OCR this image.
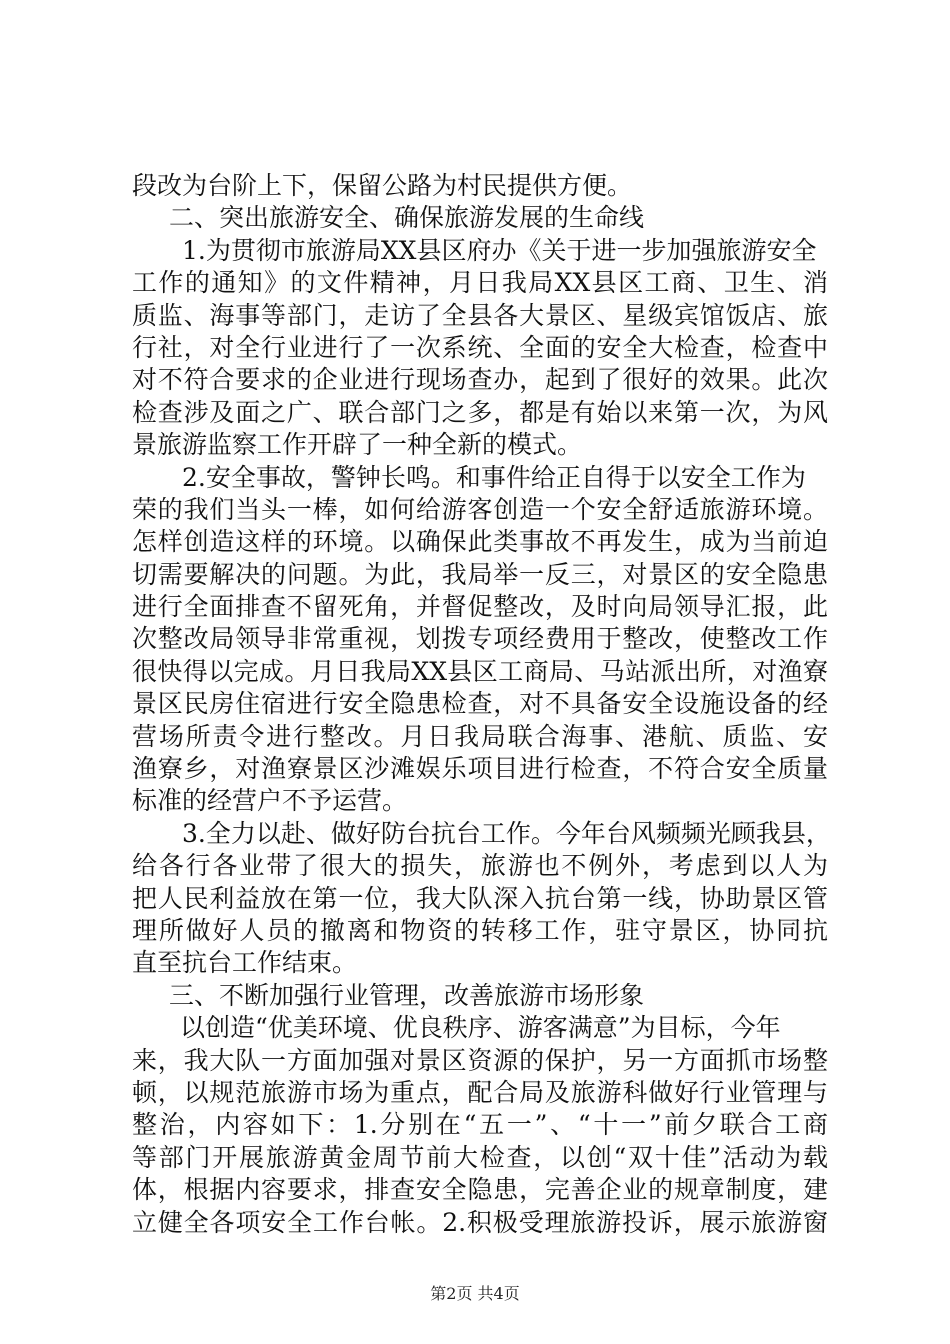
段改为台阶上下，保留公路为村民提供方便。

二、突出旅游安全、确保旅游发展的生命线

1.为贯彻市旅游局XX县区府办《关于进一步加强旅游安全

工作的通知》的文件精神，月日我局XX县区工商、卫生、消

质监、海事等部门，走访了全县各大景区、星级宾馆饭店、旅

行社，对全行业进行了一次系统、全面的安全大检查，检查中

对不符合要求的企业进行现场查办，起到了很好的效果。此次

检查涉及面之广、联合部门之多，都是有始以来第一次，为风

景旅游监察工作开辟了一种全新的模式。

2.安全事故，警钟长鸣。和事件给正自得于以安全工作为

荣的我们当头一棒，如何给游客创造一个安全舒适旅游环境。

怎样创造这样的环境。以确保此类事故不再发生，成为当前迫

切需要解决的问题。为此，我局举一反三，对景区的安全隐患

进行全面排查不留死角，并督促整改，及时向局领导汇报，此

次整改局领导非常重视，划拨专项经费用于整改，使整改工作

很快得以完成。月日我局XX县区工商局、马站派出所，对渔寮

景区民房住宿进行安全隐患检查，对不具备安全设施设备的经

营场所责令进行整改。月日我局联合海事、港航、质监、安

渔寮乡，对渔寮景区沙滩娱乐项目进行检查，不符合安全质量

标准的经营户不予运营。

3.全力以赴、做好防台抗台工作。今年台风频频光顾我县，

给各行各业带了很大的损失，旅游也不例外，考虑到以人为

把人民利益放在第一位，我大队深入抗台第一线，协助景区管

理所做好人员的撤离和物资的转移工作，驻守景区，协同抗

直至抗台工作结束。

三、不断加强行业管理，改善旅游市场形象

以创造“优美环境、优良秩序、游客满意”为目标，今年

来，我大队一方面加强对景区资源的保护，另一方面抓市场整

顿，以规范旅游市场为重点，配合局及旅游科做好行业管理与

整治，内容如下：1.分别在“五一”、“十一”前夕联合工商

等部门开展旅游黄金周节前大检查，以创“双十佳”活动为载

体，根据内容要求，排查安全隐患，完善企业的规章制度，建

立健全各项安全工作台帐。2.积极受理旅游投诉，展示旅游窗

第2页 共4页
